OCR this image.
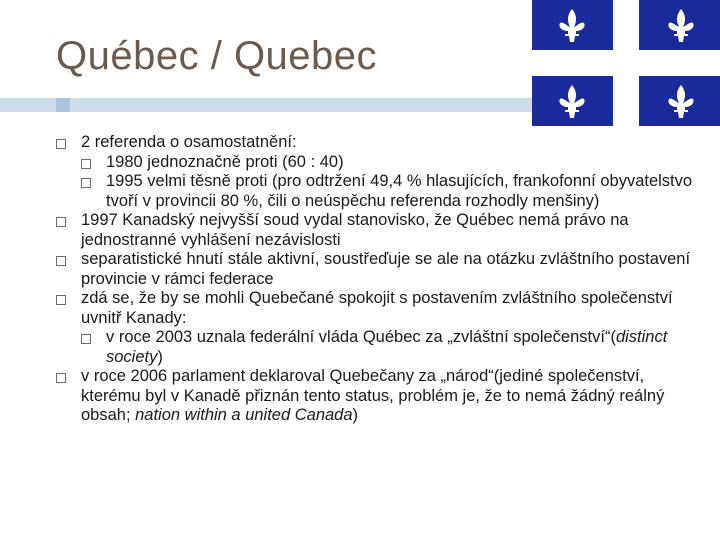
Québec / Quebec
2 referenda o osamostatnění:
1980 jednoznačně proti (60 : 40)
1995 velmi těsně proti (pro odtržení 49,4 % hlasujících, frankofonní obyvatelstvo tvoří v provincii 80 %, čili o neúspěchu referenda rozhodly menšiny)
1997 Kanadský nejvyšší soud vydal stanovisko, že Québec nemá právo na jednostranné vyhlášení nezávislosti
separatistické hnutí stále aktivní, soustřeďuje se ale na otázku zvláštního postavení provincie v rámci federace
zdá se, že by se mohli Quebečané spokojit s postavením zvláštního společenství uvnitř Kanady:
v roce 2003 uznala federální vláda Québec za „zvláštní společenství“(distinct society)
v roce 2006 parlament deklaroval Quebečany za „národ“(jediné společenství, kterému byl v Kanadě přiznán tento status, problém je, že to nemá žádný reálný obsah; nation within a united Canada)
